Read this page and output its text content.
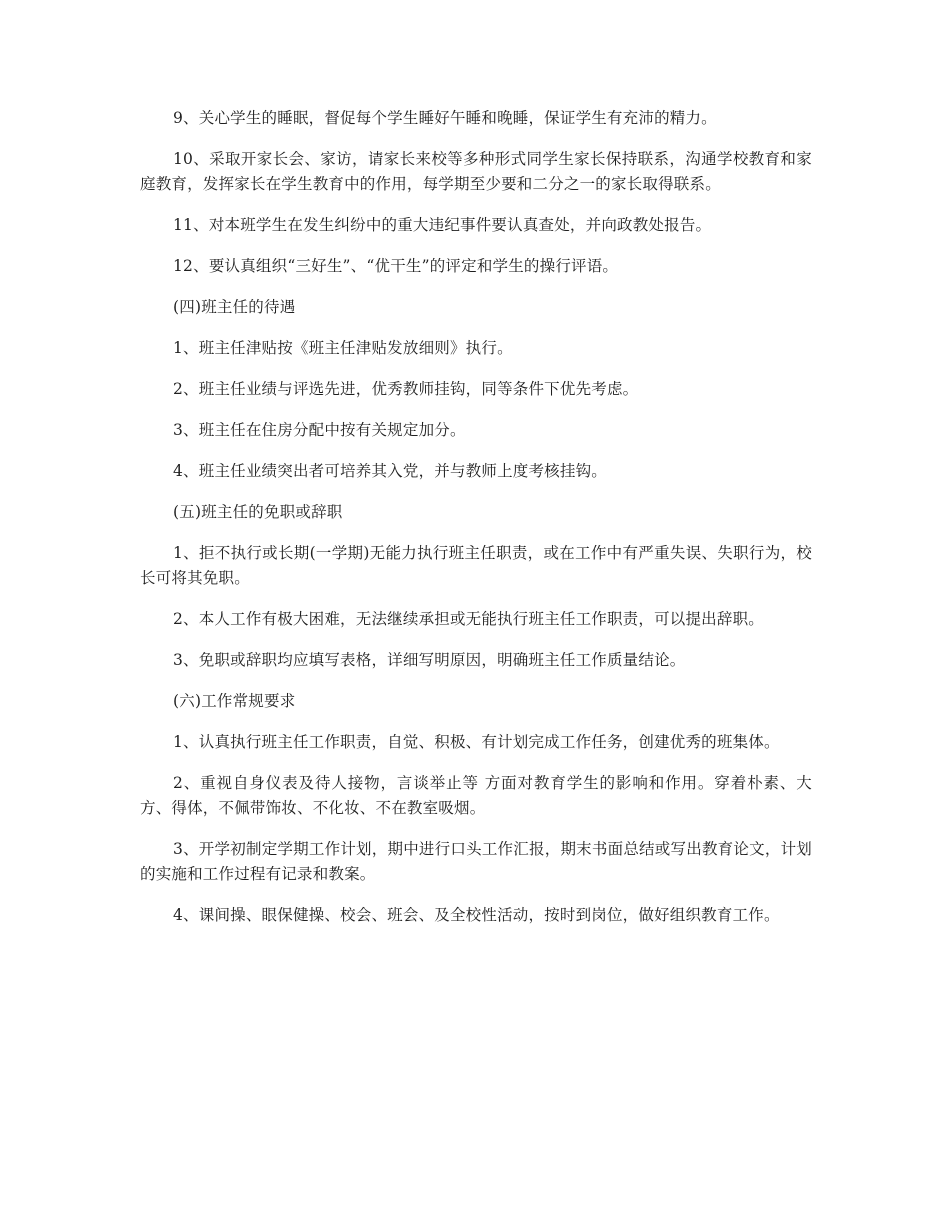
9、关心学生的睡眠，督促每个学生睡好午睡和晚睡，保证学生有充沛的精力。

10、采取开家长会、家访，请家长来校等多种形式同学生家长保持联系，沟通学校教育和家庭教育，发挥家长在学生教育中的作用，每学期至少要和二分之一的家长取得联系。

11、对本班学生在发生纠纷中的重大违纪事件要认真查处，并向政教处报告。

12、要认真组织“三好生”、“优干生”的评定和学生的操行评语。

(四)班主任的待遇

1、班主任津贴按《班主任津贴发放细则》执行。

2、班主任业绩与评选先进，优秀教师挂钩，同等条件下优先考虑。

3、班主任在住房分配中按有关规定加分。

4、班主任业绩突出者可培养其入党，并与教师上度考核挂钩。

(五)班主任的免职或辞职

1、拒不执行或长期(一学期)无能力执行班主任职责，或在工作中有严重失误、失职行为，校长可将其免职。

2、本人工作有极大困难，无法继续承担或无能执行班主任工作职责，可以提出辞职。

3、免职或辞职均应填写表格，详细写明原因，明确班主任工作质量结论。

(六)工作常规要求

1、认真执行班主任工作职责，自觉、积极、有计划完成工作任务，创建优秀的班集体。

2、重视自身仪表及待人接物，言谈举止等 方面对教育学生的影响和作用。穿着朴素、大方、得体，不佩带饰妆、不化妆、不在教室吸烟。

3、开学初制定学期工作计划，期中进行口头工作汇报，期末书面总结或写出教育论文，计划的实施和工作过程有记录和教案。

4、课间操、眼保健操、校会、班会、及全校性活动，按时到岗位，做好组织教育工作。
